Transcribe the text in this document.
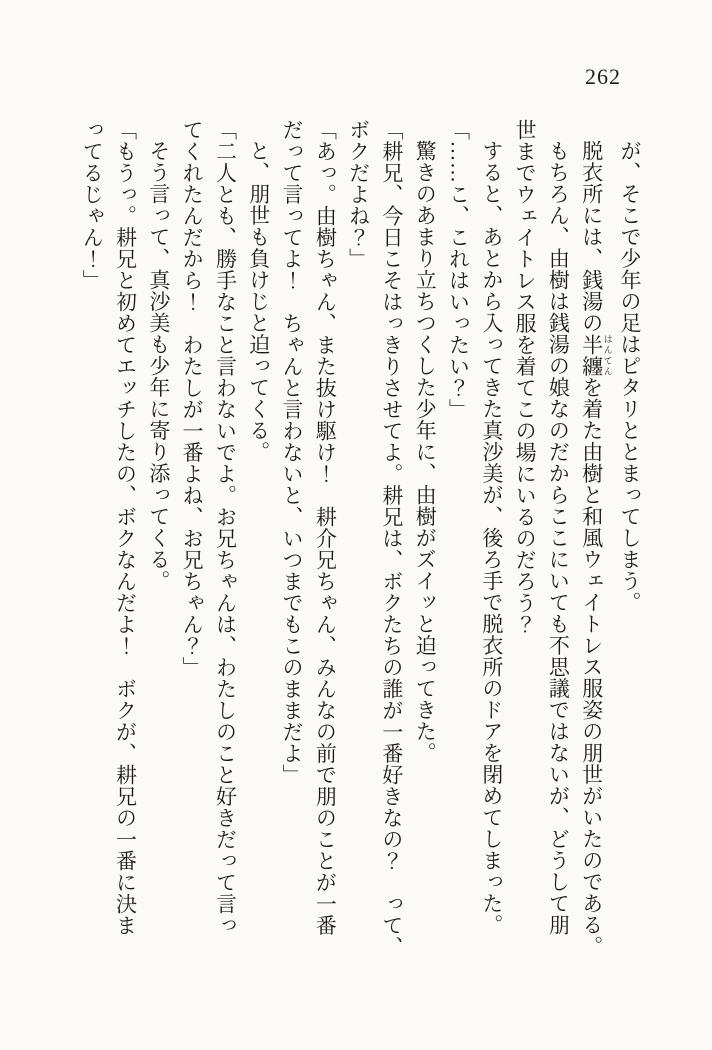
262

が、そこで少年の足はピタリととまってしまう。

脱衣所には、銭湯の半纏 はんてんを着た由樹と和風ウェイトレス服姿の朋世がいたのである。

もちろん、由樹は銭湯の娘なのだからここにいても不思議ではないが、どうして朋

世までウェイトレス服を着てこの場にいるのだろう？

すると、あとから入ってきた真沙美が、後ろ手で脱衣所のドアを閉めてしまった。

「……こ、これはいったい？」

驚きのあまり立ちつくした少年に、由樹がズイッと迫ってきた。

「耕兄、今日こそはっきりさせてよ。耕兄は、ボクたちの誰が一番好きなの？　って、

ボクだよね？」

「あっ。由樹ちゃん、また抜け駆け！　耕介兄ちゃん、みんなの前で朋のことが一番

だって言ってよ！　ちゃんと言わないと、いつまでもこのままだよ」

と、朋世も負けじと迫ってくる。

「二人とも、勝手なこと言わないでよ。お兄ちゃんは、わたしのこと好きだって言っ

てくれたんだから！　わたしが一番よね、お兄ちゃん？」

そう言って、真沙美も少年に寄り添ってくる。

「もうっ。耕兄と初めてエッチしたの、ボクなんだよ！　ボクが、耕兄の一番に決ま

ってるじゃん！」
